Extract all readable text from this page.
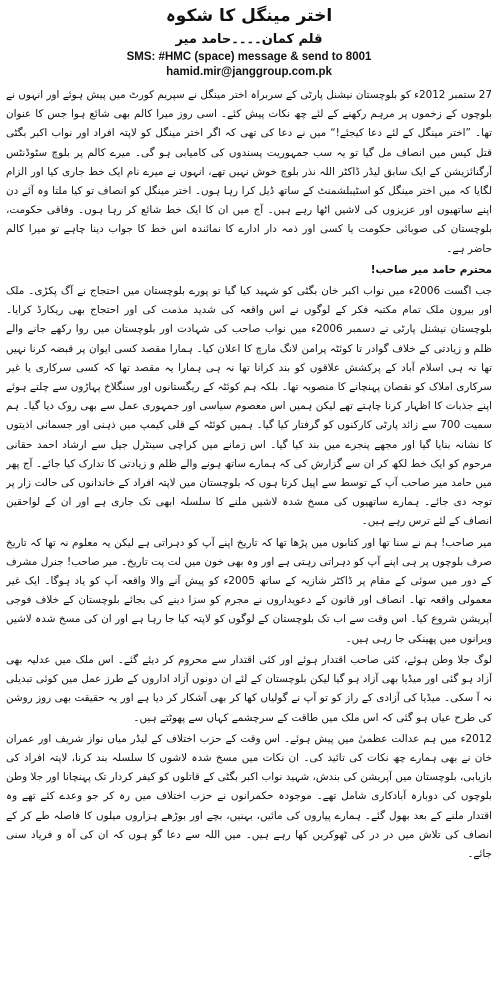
اختر مینگل کا شکوہ
قلم کمان۔۔۔۔حامد میر
SMS: #HMC (space) message & send to 8001
hamid.mir@janggroup.com.pk

27 ستمبر 2012ء کو بلوچستان نیشنل پارٹی کے سربراہ اختر مینگل نے سپریم کورٹ میں پیش ہوئے اور انہوں نے بلوچوں کے زخموں پر مرہم رکھنے کے لئے چھ نکات پیش کئے۔ اسی روز میرا کالم بھی شائع ہوا جس کا عنوان تھا۔ ”اختر مینگل کے لئے دعا کیجئے!“ میں نے دعا کی تھی کہ اگر اختر مینگل کو لاپتہ افراد اور نواب اکبر بگٹی قتل کیس میں انصاف مل گیا تو یہ سب جمہوریت پسندوں کی کامیابی ہو گی۔ میرے کالم پر بلوچ سٹوڈنٹس آرگنائزیشن کے ایک سابق لیڈر ڈاکٹر اللہ نذر بلوچ خوش نہیں تھے، انہوں نے میرے نام ایک خط جاری کیا اور الزام لگایا کہ میں اختر مینگل کو اسٹیبلشمنٹ کے ساتھ ڈیل کرا رہا ہوں۔ اختر مینگل کو انصاف تو کیا ملتا وہ آئے دن اپنے ساتھیوں اور عزیزوں کی لاشیں اٹھا رہے ہیں۔ آج میں ان کا ایک خط شائع کر رہا ہوں۔ وفاقی حکومت، بلوچستان کی صوبائی حکومت یا کسی اور ذمہ دار ادارے کا نمائندہ اس خط کا جواب دینا چاہے تو میرا کالم حاضر ہے۔

محترم حامد میر صاحب!

جب اگست 2006ء میں نواب اکبر خان بگٹی کو شہید کیا گیا تو پورے بلوچستان میں احتجاج نے آگ پکڑی۔ ملک اور بیرون ملک تمام مکتبہ فکر کے لوگوں نے اس واقعہ کی شدید مذمت کی اور احتجاج بھی ریکارڈ کرایا۔ بلوچستان نیشنل پارٹی نے دسمبر 2006ء میں نواب صاحب کی شہادت اور بلوچستان میں روا رکھے جانے والے ظلم و زیادتی کے خلاف گوادر تا کوئٹہ پرامن لانگ مارچ کا اعلان کیا۔ ہمارا مقصد کسی ایوان پر قبضہ کرنا نہیں تھا نہ ہی اسلام آباد کے پرکشش علاقوں کو بند کرانا تھا نہ ہی ہمارا یہ مقصد تھا کہ کسی سرکاری یا غیر سرکاری املاک کو نقصان پہنچانے کا منصوبہ تھا۔ بلکہ ہم کوئٹہ کے ریگستانوں اور سنگلاخ پہاڑوں سے چلتے ہوئے اپنے جذبات کا اظہار کرنا چاہتے تھے لیکن ہمیں اس معصوم سیاسی اور جمہوری عمل سے بھی روک دیا گیا۔ ہم سمیت 700 سے زائد پارٹی کارکنوں کو گرفتار کیا گیا۔ ہمیں کوئٹہ کے قلی کیمپ میں ذہنی اور جسمانی اذیتوں کا نشانہ بنایا گیا اور مجھے پنجرے میں بند کیا گیا۔ اس زمانے میں کراچی سینٹرل جیل سے ارشاد احمد حقانی مرحوم کو ایک خط لکھ کر ان سے گزارش کی کہ ہمارے ساتھ ہونے والے ظلم و زیادتی کا تدارک کیا جائے۔ آج پھر میں حامد میر صاحب آپ کے توسط سے اپیل کرتا ہوں کہ بلوچستان میں لاپتہ افراد کے خاندانوں کی حالت زار پر توجہ دی جائے۔ ہمارے ساتھیوں کی مسخ شدہ لاشیں ملنے کا سلسلہ ابھی تک جاری ہے اور ان کے لواحقین انصاف کے لئے ترس رہے ہیں۔

میر صاحب! ہم نے سنا تھا اور کتابوں میں پڑھا تھا کہ تاریخ اپنے آپ کو دہراتی ہے لیکن یہ معلوم نہ تھا کہ تاریخ صرف بلوچوں پر ہی اپنے آپ کو دہراتی رہتی ہے اور وہ بھی خون میں لت پت تاریخ۔ میر صاحب! جنرل مشرف کے دور میں سوئی کے مقام پر ڈاکٹر شازیہ کے ساتھ 2005ء کو پیش آنے والا واقعہ آپ کو یاد ہوگا۔ ایک غیر معمولی واقعہ تھا۔ انصاف اور قانون کے دعویداروں نے مجرم کو سزا دینے کی بجائے بلوچستان کے خلاف فوجی آپریشن شروع کیا۔ اس وقت سے اب تک بلوچستان کے لوگوں کو لاپتہ کیا جا رہا ہے اور ان کی مسخ شدہ لاشیں ویرانوں میں پھینکی جا رہی ہیں۔

لوگ جلا وطن ہوئے، کئی صاحب اقتدار ہوئے اور کئی اقتدار سے محروم کر دیئے گئے۔ اس ملک میں عدلیہ بھی آزاد ہو گئی اور میڈیا بھی آزاد ہو گیا لیکن بلوچستان کے لئے ان دونوں آزاد اداروں کے طرز عمل میں کوئی تبدیلی نہ آ سکی۔ میڈیا کی آزادی کے راز کو تو آپ نے گولیاں کھا کر بھی آشکار کر دیا ہے اور یہ حقیقت بھی روز روشن کی طرح عیاں ہو گئی کہ اس ملک میں طاقت کے سرچشمے کہاں سے پھوٹتے ہیں۔

2012ء میں ہم عدالت عظمیٰ میں پیش ہوئے۔ اس وقت کے حزب اختلاف کے لیڈر میاں نواز شریف اور عمران خان نے بھی ہمارے چھ نکات کی تائید کی۔ ان نکات میں مسخ شدہ لاشوں کا سلسلہ بند کرنا، لاپتہ افراد کی بازیابی، بلوچستان میں آپریشن کی بندش، شہید نواب اکبر بگٹی کے قاتلوں کو کیفر کردار تک پہنچانا اور جلا وطن بلوچوں کی دوبارہ آبادکاری شامل تھے۔ موجودہ حکمرانوں نے حزب اختلاف میں رہ کر جو وعدے کئے تھے وہ اقتدار ملنے کے بعد بھول گئے۔ ہمارے پیاروں کی مائیں، بہنیں، بچے اور بوڑھے ہزاروں میلوں کا فاصلہ طے کر کے انصاف کی تلاش میں در در کی ٹھوکریں کھا رہے ہیں۔ میں اللہ سے دعا گو ہوں کہ ان کی آہ و فریاد سنی جائے۔
